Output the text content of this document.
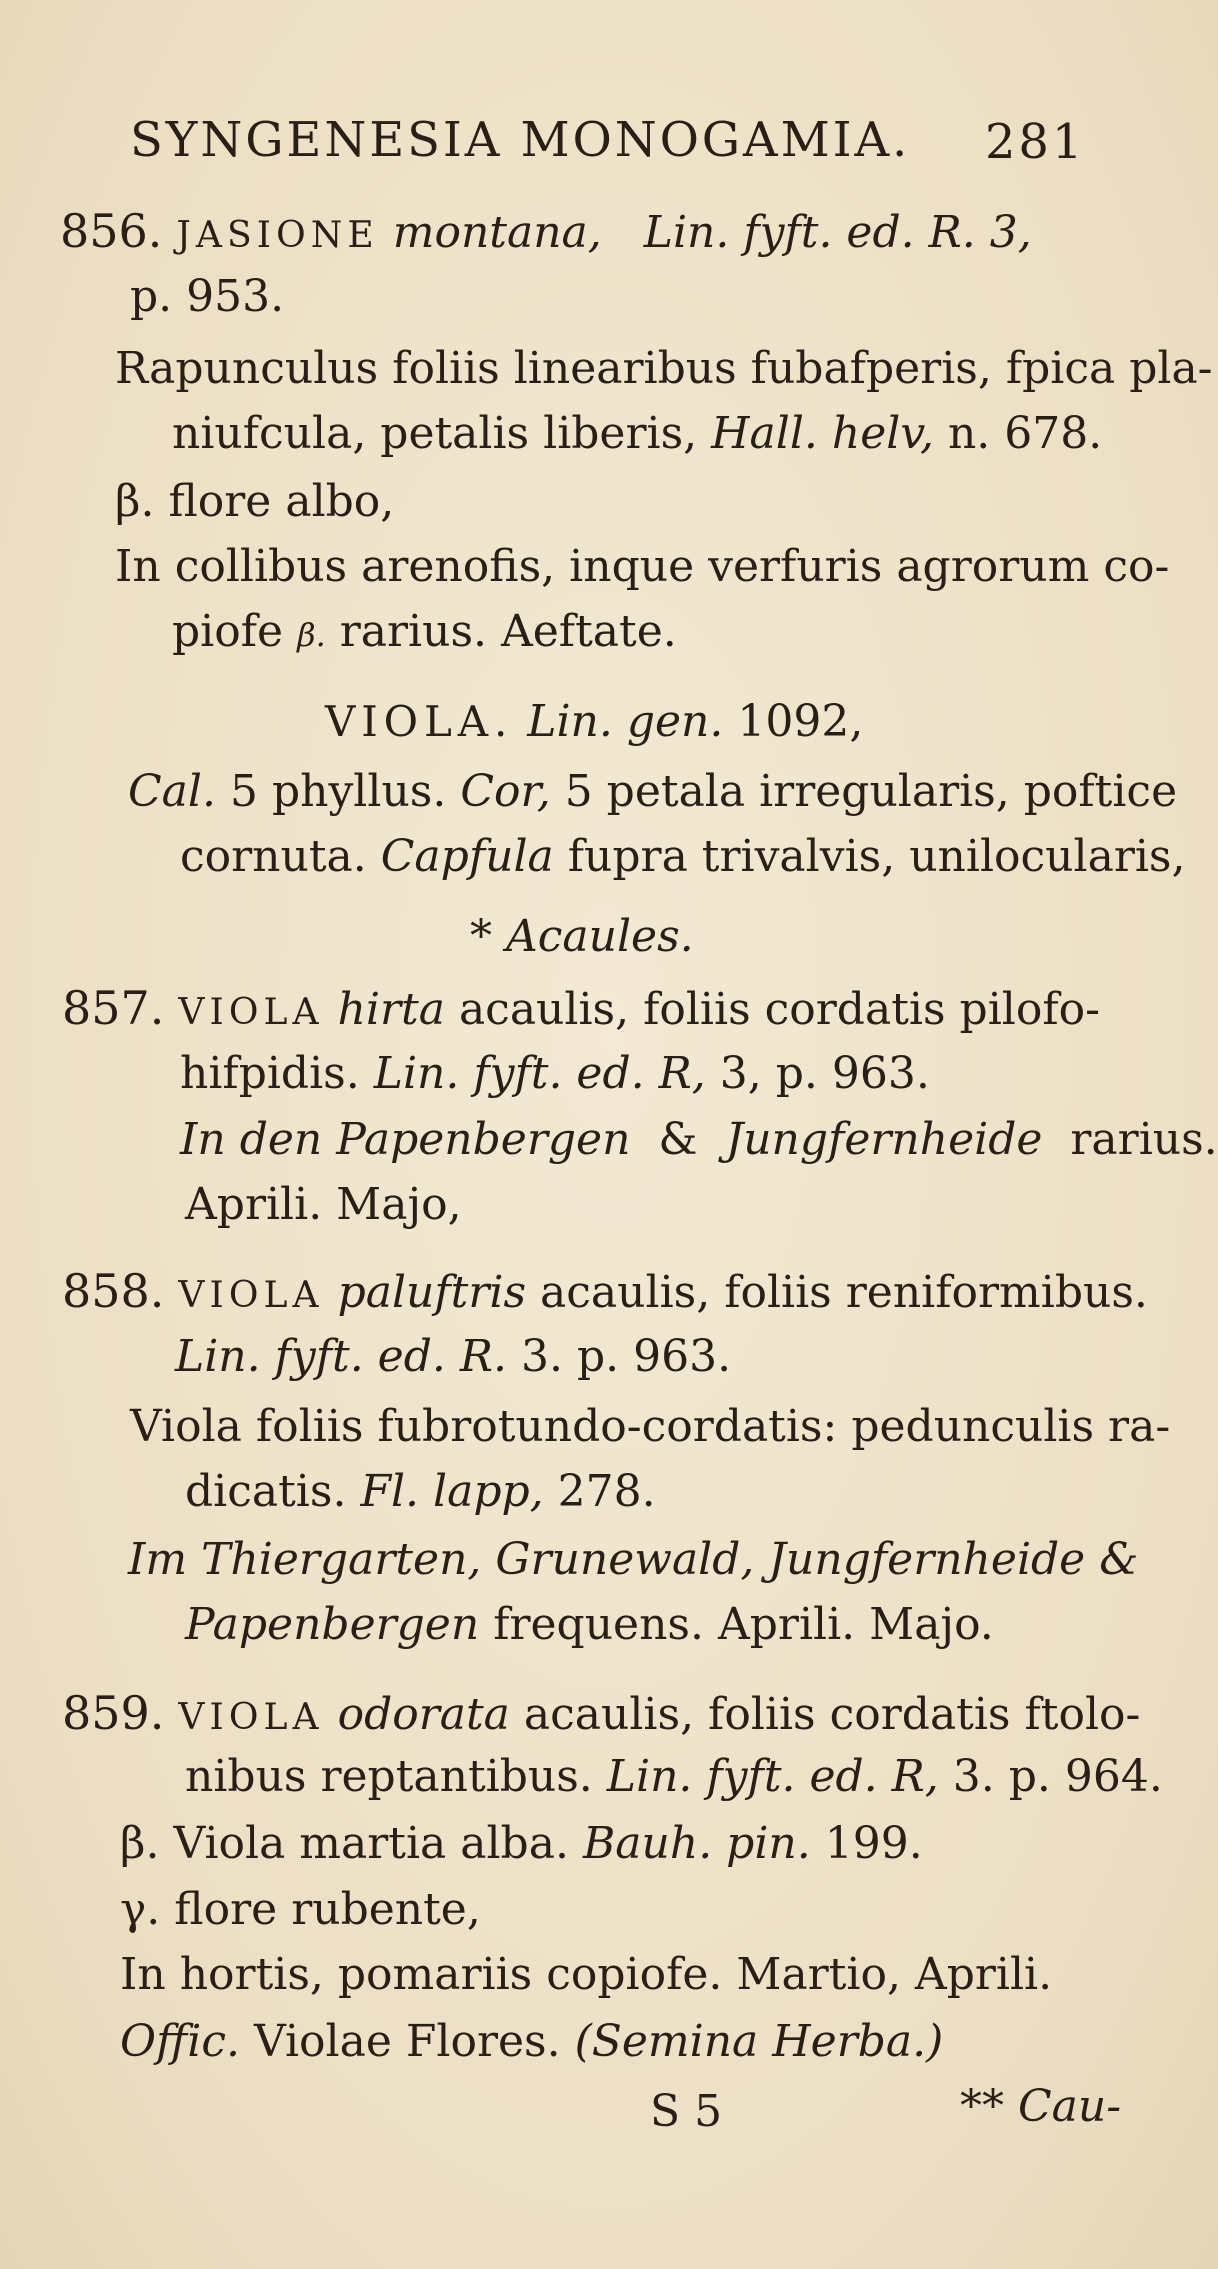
SYNGENESIA MONOGAMIA. 281
856. JASIONE montana, Lin. fyft. ed. R. 3,
p. 953.
Rapunculus foliis linearibus fubafperis, fpica pla-
niufcula, petalis liberis, Hall. helv, n. 678.
β. flore albo,
In collibus arenofis, inque verfuris agrorum co-
piofe β. rarius. Aeftate.
VIOLA. Lin. gen. 1092,
Cal. 5 phyllus. Cor, 5 petala irregularis, poftice
cornuta. Capfula fupra trivalvis, unilocularis,
* Acaules.
857. VIOLA hirta acaulis, foliis cordatis pilofo-
hifpidis. Lin. fyft. ed. R, 3, p. 963.
In den Papenbergen & Jungfernheide rarius.
Aprili. Majo,
858. VIOLA paluftris acaulis, foliis reniformibus.
Lin. fyft. ed. R. 3. p. 963.
Viola foliis fubrotundo-cordatis: pedunculis ra-
dicatis. Fl. lapp, 278.
Im Thiergarten, Grunewald, Jungfernheide &
Papenbergen frequens. Aprili. Majo.
859. VIOLA odorata acaulis, foliis cordatis ftolo-
nibus reptantibus. Lin. fyft. ed. R, 3. p. 964.
β. Viola martia alba. Bauh. pin. 199.
γ. flore rubente,
In hortis, pomariis copiofe. Martio, Aprili.
Offic. Violae Flores. (Semina Herba.)
S 5	** Cau-
